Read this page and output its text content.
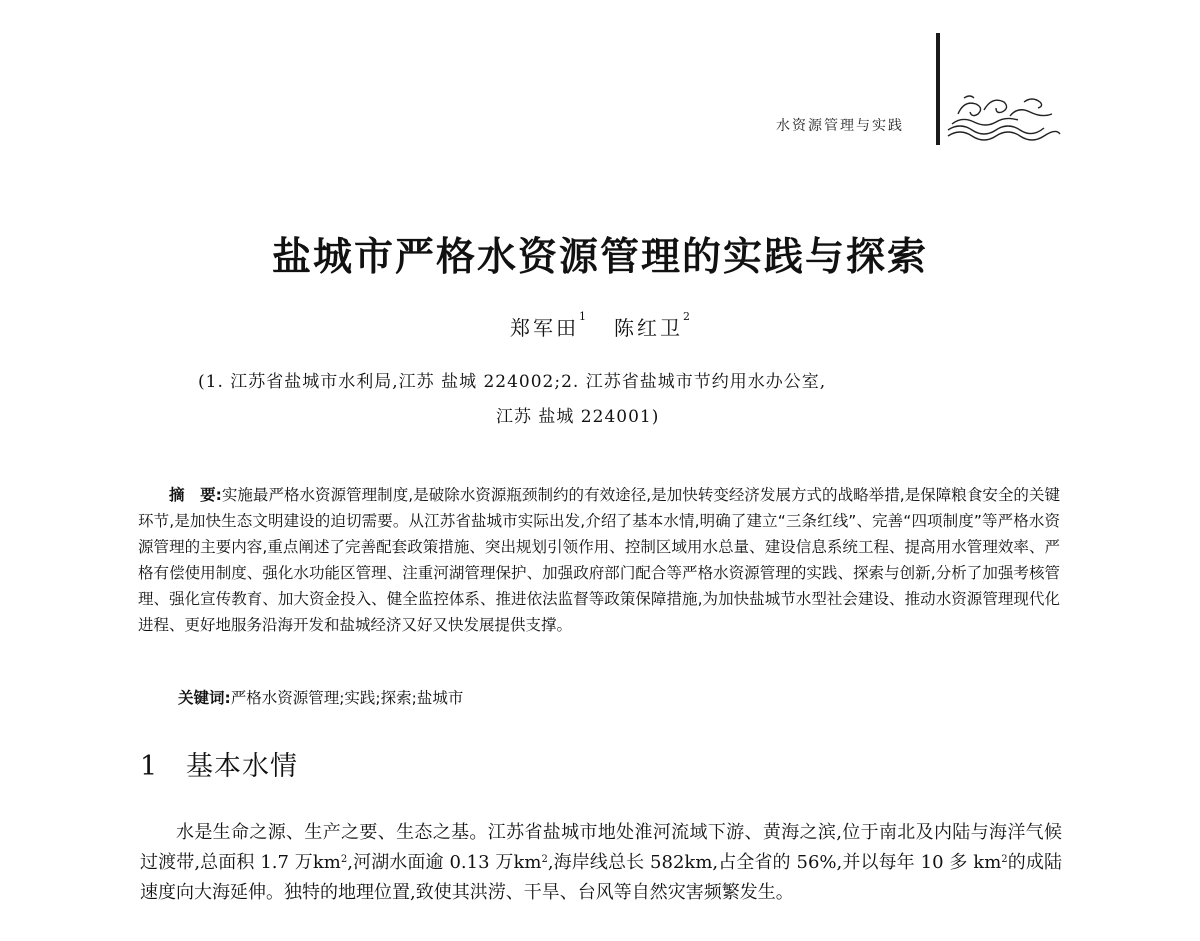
水资源管理与实践
盐城市严格水资源管理的实践与探索
郑军田$^1$ 陈红卫$^2$
(1. 江苏省盐城市水利局,江苏 盐城 224002;2. 江苏省盐城市节约用水办公室,
江苏 盐城 224001)
摘　要:实施最严格水资源管理制度,是破除水资源瓶颈制约的有效途径,是加快转变经济发展方式的战略举措,是保障粮食安全的关键环节,是加快生态文明建设的迫切需要。从江苏省盐城市实际出发,介绍了基本水情,明确了建立“三条红线”、完善“四项制度”等严格水资源管理的主要内容,重点阐述了完善配套政策措施、突出规划引领作用、控制区域用水总量、建设信息系统工程、提高用水管理效率、严格有偿使用制度、强化水功能区管理、注重河湖管理保护、加强政府部门配合等严格水资源管理的实践、探索与创新,分析了加强考核管理、强化宣传教育、加大资金投入、健全监控体系、推进依法监督等政策保障措施,为加快盐城节水型社会建设、推动水资源管理现代化进程、更好地服务沿海开发和盐城经济又好又快发展提供支撑。
关键词:严格水资源管理;实践;探索;盐城市
1 基本水情
水是生命之源、生产之要、生态之基。江苏省盐城市地处淮河流域下游、黄海之滨,位于南北及内陆与海洋气候过渡带,总面积 1.7 万$km^2$,河湖水面逾 0.13 万$km^2$,海岸线总长 582km,占全省的 56%,并以每年 10 多 $km^2$的成陆速度向大海延伸。独特的地理位置,致使其洪涝、干旱、台风等自然灾害频繁发生。
